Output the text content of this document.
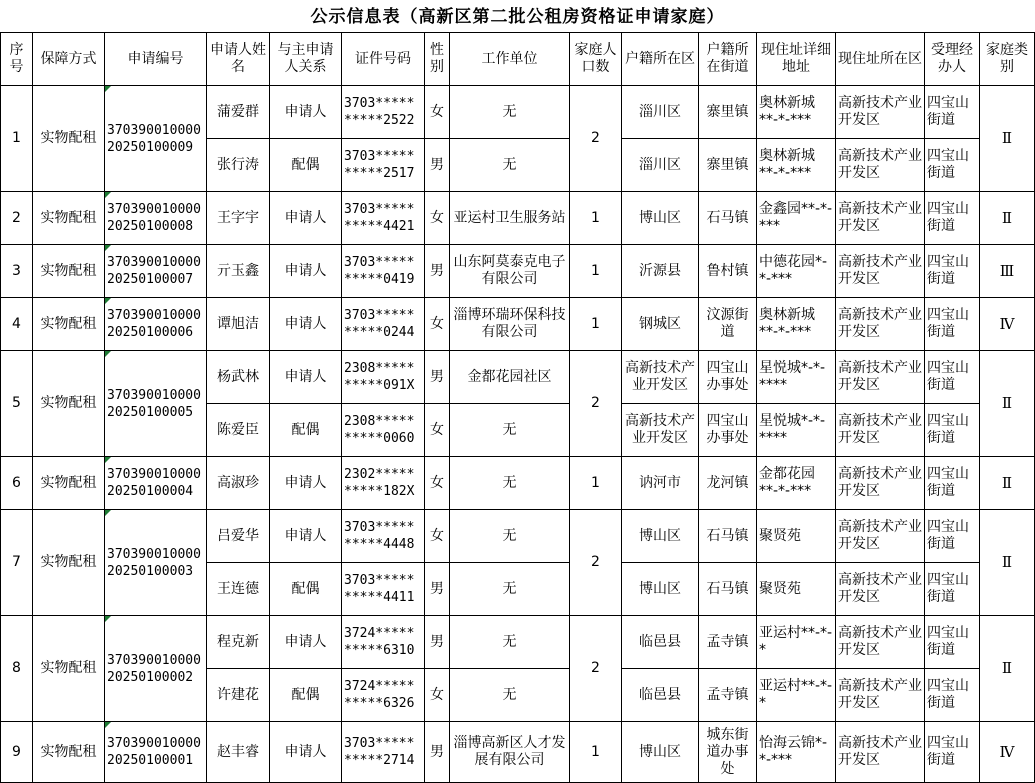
公示信息表（高新区第二批公租房资格证申请家庭）
序号	保障方式	申请编号	申请人姓名	与主申请人关系	证件号码	性别	工作单位	家庭人口数	户籍所在区	户籍所在街道	现住址详细地址	现住址所在区	受理经办人	家庭类别
1	实物配租	370390010000 20250100009	蒲爱群	申请人	3703***** *****2522	女	无	2	淄川区	寨里镇	奥林新城**-*-***	高新技术产业开发区	四宝山街道	Ⅱ
			张行涛	配偶	3703***** *****2517	男	无		淄川区	寨里镇	奥林新城**-*-***	高新技术产业开发区	四宝山街道	
2	实物配租	370390010000 20250100008	王字宇	申请人	3703***** *****4421	女	亚运村卫生服务站	1	博山区	石马镇	金鑫园**-*-***	高新技术产业开发区	四宝山街道	Ⅱ
3	实物配租	370390010000 20250100007	亓玉鑫	申请人	3703***** *****0419	男	山东阿莫泰克电子有限公司	1	沂源县	鲁村镇	中德花园*-*-***	高新技术产业开发区	四宝山街道	Ⅲ
4	实物配租	370390010000 20250100006	谭旭洁	申请人	3703***** *****0244	女	淄博环瑞环保科技有限公司	1	钢城区	汶源街道	奥林新城**-*-***	高新技术产业开发区	四宝山街道	Ⅳ
5	实物配租	370390010000 20250100005	杨武林	申请人	2308***** *****091X	男	金都花园社区	2	高新技术产业开发区	四宝山办事处	星悦城*-*-****	高新技术产业开发区	四宝山街道	Ⅱ
			陈爱臣	配偶	2308***** *****0060	女	无		高新技术产业开发区	四宝山办事处	星悦城*-*-****	高新技术产业开发区	四宝山街道	
6	实物配租	370390010000 20250100004	高淑珍	申请人	2302***** *****182X	女	无	1	讷河市	龙河镇	金都花园**-*-***	高新技术产业开发区	四宝山街道	Ⅱ
7	实物配租	370390010000 20250100003	吕爱华	申请人	3703***** *****4448	女	无	2	博山区	石马镇	聚贤苑	高新技术产业开发区	四宝山街道	Ⅱ
			王连德	配偶	3703***** *****4411	男	无		博山区	石马镇	聚贤苑	高新技术产业开发区	四宝山街道	
8	实物配租	370390010000 20250100002	程克新	申请人	3724***** *****6310	男	无	2	临邑县	孟寺镇	亚运村**-*-*	高新技术产业开发区	四宝山街道	Ⅱ
			许建花	配偶	3724***** *****6326	女	无		临邑县	孟寺镇	亚运村**-*-*	高新技术产业开发区	四宝山街道	
9	实物配租	370390010000 20250100001	赵丰睿	申请人	3703***** *****2714	男	淄博高新区人才发展有限公司	1	博山区	城东街道办事处	怡海云锦*-*-***	高新技术产业开发区	四宝山街道	Ⅳ
